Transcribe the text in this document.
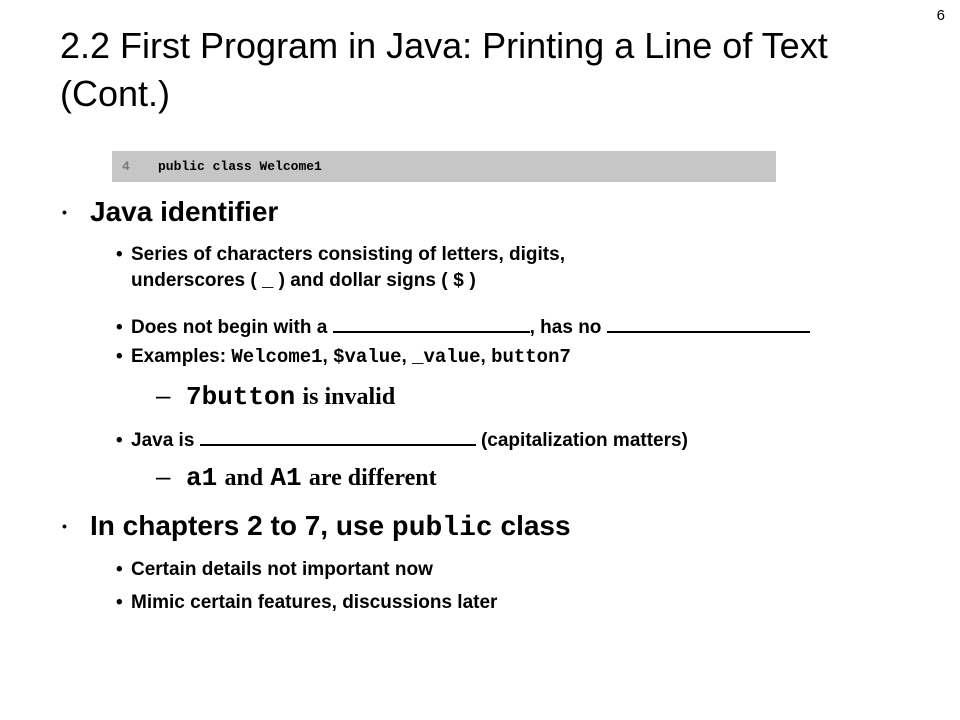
6
2.2 First Program in Java: Printing a Line of Text (Cont.)
4 public class Welcome1
• Java identifier
• Series of characters consisting of letters, digits,
underscores ( _ ) and dollar signs ( $ )
• Does not begin with a	, has no
• Examples: Welcome1, $value, _value, button7
– 7button is invalid
• Java is	(capitalization matters)
– a1 and A1 are different
• In chapters 2 to 7, use public class
• Certain details not important now
• Mimic certain features, discussions later
